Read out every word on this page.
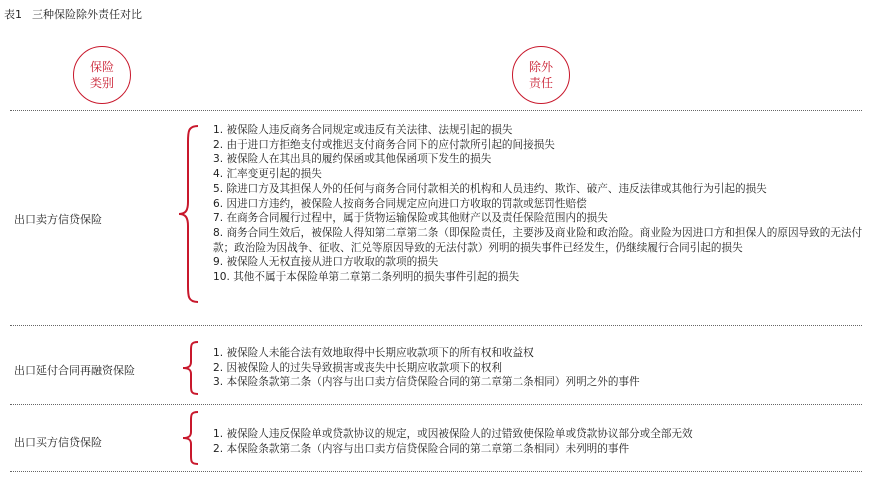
表1 三种保险除外责任对比
保险
类别
除外
责任
出口卖方信贷保险
1. 被保险人违反商务合同规定或违反有关法律、法规引起的损失
2. 由于进口方拒绝支付或推迟支付商务合同下的应付款所引起的间接损失
3. 被保险人在其出具的履约保函或其他保函项下发生的损失
4. 汇率变更引起的损失
5. 除进口方及其担保人外的任何与商务合同付款相关的机构和人员违约、欺诈、破产、违反法律或其他行为引起的损失
6. 因进口方违约，被保险人按商务合同规定应向进口方收取的罚款或惩罚性赔偿
7. 在商务合同履行过程中，属于货物运输保险或其他财产以及责任保险范围内的损失
8. 商务合同生效后，被保险人得知第二章第二条（即保险责任，主要涉及商业险和政治险。商业险为因进口方和担保人的原因导致的无法付款；政治险为因战争、征收、汇兑等原因导致的无法付款）列明的损失事件已经发生，仍继续履行合同引起的损失
9. 被保险人无权直接从进口方收取的款项的损失
10. 其他不属于本保险单第二章第二条列明的损失事件引起的损失
出口延付合同再融资保险
1. 被保险人未能合法有效地取得中长期应收款项下的所有权和收益权
2. 因被保险人的过失导致损害或丧失中长期应收款项下的权利
3. 本保险条款第二条（内容与出口卖方信贷保险合同的第二章第二条相同）列明之外的事件
出口买方信贷保险
1. 被保险人违反保险单或贷款协议的规定，或因被保险人的过错致使保险单或贷款协议部分或全部无效
2. 本保险条款第二条（内容与出口卖方信贷保险合同的第二章第二条相同）未列明的事件
